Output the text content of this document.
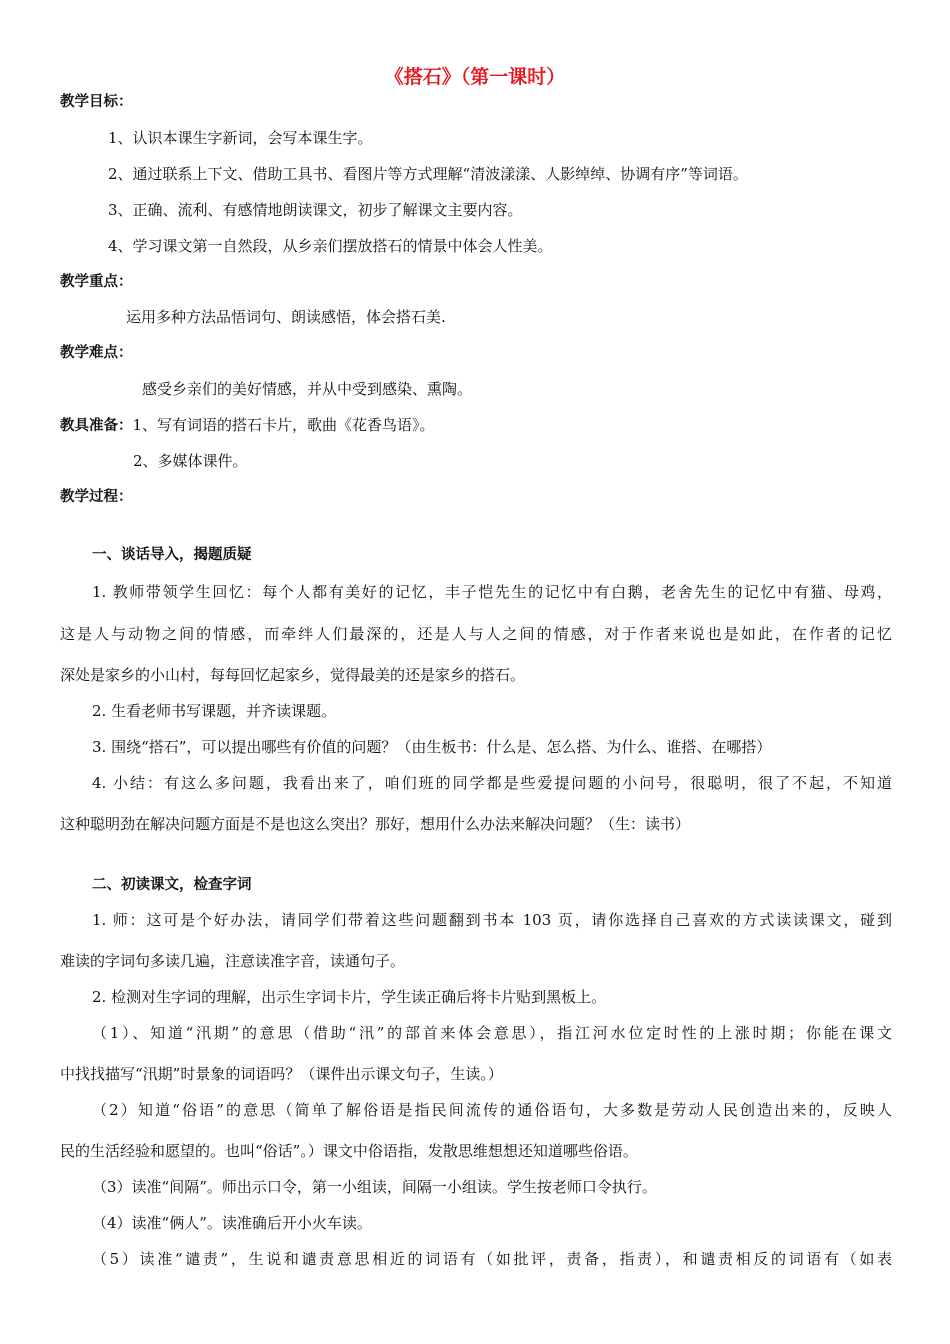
《搭石》（第一课时）
教学目标：
1、认识本课生字新词，会写本课生字。
2、通过联系上下文、借助工具书、看图片等方式理解“清波漾漾、人影绰绰、协调有序”等词语。
3、正确、流利、有感情地朗读课文，初步了解课文主要内容。
4、学习课文第一自然段，从乡亲们摆放搭石的情景中体会人性美。
教学重点：
运用多种方法品悟词句、朗读感悟，体会搭石美.
教学难点：
感受乡亲们的美好情感，并从中受到感染、熏陶。
教具准备：1、写有词语的搭石卡片，歌曲《花香鸟语》。
2、多媒体课件。
教学过程：
一、谈话导入，揭题质疑
1. 教师带领学生回忆：每个人都有美好的记忆，丰子恺先生的记忆中有白鹅，老舍先生的记忆中有猫、母鸡，
这是人与动物之间的情感，而牵绊人们最深的，还是人与人之间的情感，对于作者来说也是如此，在作者的记忆
深处是家乡的小山村，每每回忆起家乡，觉得最美的还是家乡的搭石。
2. 生看老师书写课题，并齐读课题。
3. 围绕“搭石”，可以提出哪些有价值的问题？（由生板书：什么是、怎么搭、为什么、谁搭、在哪搭）
4. 小结：有这么多问题，我看出来了，咱们班的同学都是些爱提问题的小问号，很聪明，很了不起，不知道
这种聪明劲在解决问题方面是不是也这么突出？那好，想用什么办法来解决问题？（生：读书）
二、初读课文，检查字词
1. 师：这可是个好办法，请同学们带着这些问题翻到书本 103 页，请你选择自己喜欢的方式读读课文，碰到
难读的字词句多读几遍，注意读准字音，读通句子。
2. 检测对生字词的理解，出示生字词卡片，学生读正确后将卡片贴到黑板上。
（1）、知道“汛期”的意思（借助“汛”的部首来体会意思），指江河水位定时性的上涨时期；你能在课文
中找找描写“汛期”时景象的词语吗？（课件出示课文句子，生读。）
（2）知道“俗语”的意思（简单了解俗语是指民间流传的通俗语句，大多数是劳动人民创造出来的，反映人
民的生活经验和愿望的。也叫“俗话”。）课文中俗语指，发散思维想想还知道哪些俗语。
（3）读准“间隔”。师出示口令，第一小组读，间隔一小组读。学生按老师口令执行。
（4）读准“俩人”。读准确后开小火车读。
（5）读准“谴责”，生说和谴责意思相近的词语有（如批评，责备，指责），和谴责相反的词语有（如表
